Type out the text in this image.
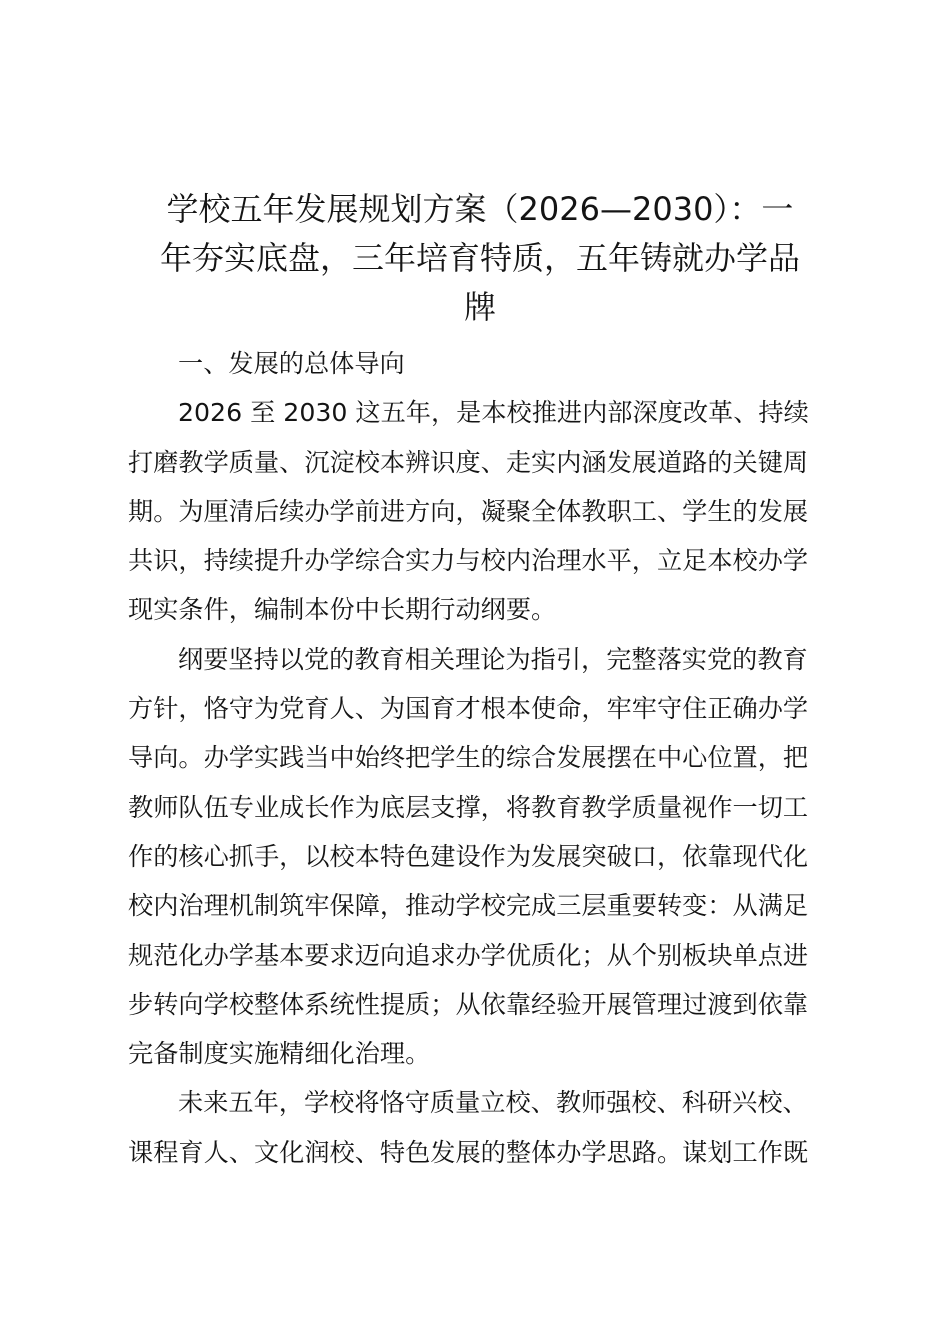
学校五年发展规划方案（2026—2030）：一
年夯实底盘，三年培育特质，五年铸就办学品
牌

一、发展的总体导向

2026 至 2030 这五年，是本校推进内部深度改革、持续
打磨教学质量、沉淀校本辨识度、走实内涵发展道路的关键周
期。为厘清后续办学前进方向，凝聚全体教职工、学生的发展
共识，持续提升办学综合实力与校内治理水平，立足本校办学
现实条件，编制本份中长期行动纲要。

纲要坚持以党的教育相关理论为指引，完整落实党的教育
方针，恪守为党育人、为国育才根本使命，牢牢守住正确办学
导向。办学实践当中始终把学生的综合发展摆在中心位置，把
教师队伍专业成长作为底层支撑，将教育教学质量视作一切工
作的核心抓手，以校本特色建设作为发展突破口，依靠现代化
校内治理机制筑牢保障，推动学校完成三层重要转变：从满足
规范化办学基本要求迈向追求办学优质化；从个别板块单点进
步转向学校整体系统性提质；从依靠经验开展管理过渡到依靠
完备制度实施精细化治理。

未来五年，学校将恪守质量立校、教师强校、科研兴校、
课程育人、文化润校、特色发展的整体办学思路。谋划工作既
